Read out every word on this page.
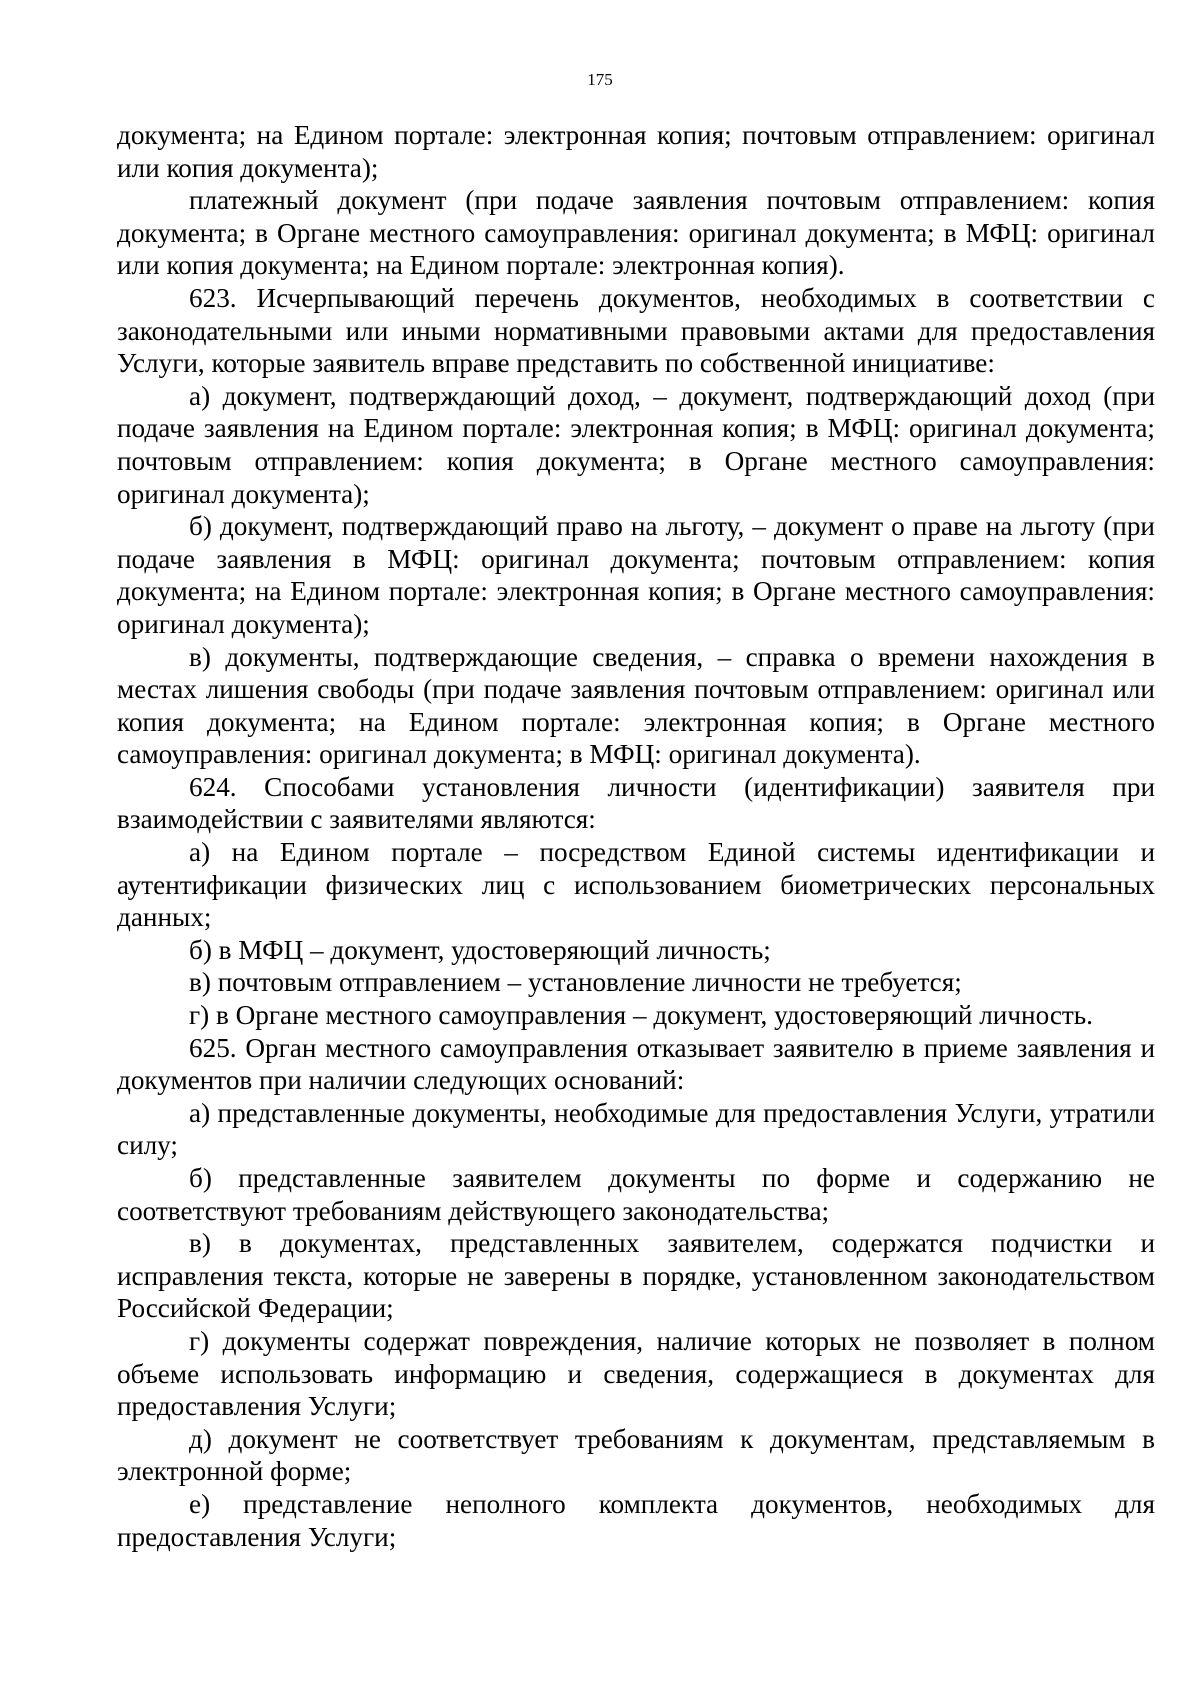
175

документа; на Едином портале: электронная копия; почтовым отправлением: оригинал или копия документа);

платежный документ (при подаче заявления почтовым отправлением: копия документа; в Органе местного самоуправления: оригинал документа; в МФЦ: оригинал или копия документа; на Едином портале: электронная копия).

623. Исчерпывающий перечень документов, необходимых в соответствии с законодательными или иными нормативными правовыми актами для предоставления Услуги, которые заявитель вправе представить по собственной инициативе:

а) документ, подтверждающий доход, – документ, подтверждающий доход (при подаче заявления на Едином портале: электронная копия; в МФЦ: оригинал документа; почтовым отправлением: копия документа; в Органе местного самоуправления: оригинал документа);

б) документ, подтверждающий право на льготу, – документ о праве на льготу (при подаче заявления в МФЦ: оригинал документа; почтовым отправлением: копия документа; на Едином портале: электронная копия; в Органе местного самоуправления: оригинал документа);

в) документы, подтверждающие сведения, – справка о времени нахождения в местах лишения свободы (при подаче заявления почтовым отправлением: оригинал или копия документа; на Едином портале: электронная копия; в Органе местного самоуправления: оригинал документа; в МФЦ: оригинал документа).

624. Способами установления личности (идентификации) заявителя при взаимодействии с заявителями являются:

а) на Едином портале – посредством Единой системы идентификации и аутентификации физических лиц с использованием биометрических персональных данных;

б) в МФЦ – документ, удостоверяющий личность;

в) почтовым отправлением – установление личности не требуется;

г) в Органе местного самоуправления – документ, удостоверяющий личность.

625. Орган местного самоуправления отказывает заявителю в приеме заявления и документов при наличии следующих оснований:

а) представленные документы, необходимые для предоставления Услуги, утратили силу;

б) представленные заявителем документы по форме и содержанию не соответствуют требованиям действующего законодательства;

в) в документах, представленных заявителем, содержатся подчистки и исправления текста, которые не заверены в порядке, установленном законодательством Российской Федерации;

г) документы содержат повреждения, наличие которых не позволяет в полном объеме использовать информацию и сведения, содержащиеся в документах для предоставления Услуги;

д) документ не соответствует требованиям к документам, представляемым в электронной форме;

е) представление неполного комплекта документов, необходимых для предоставления Услуги;
